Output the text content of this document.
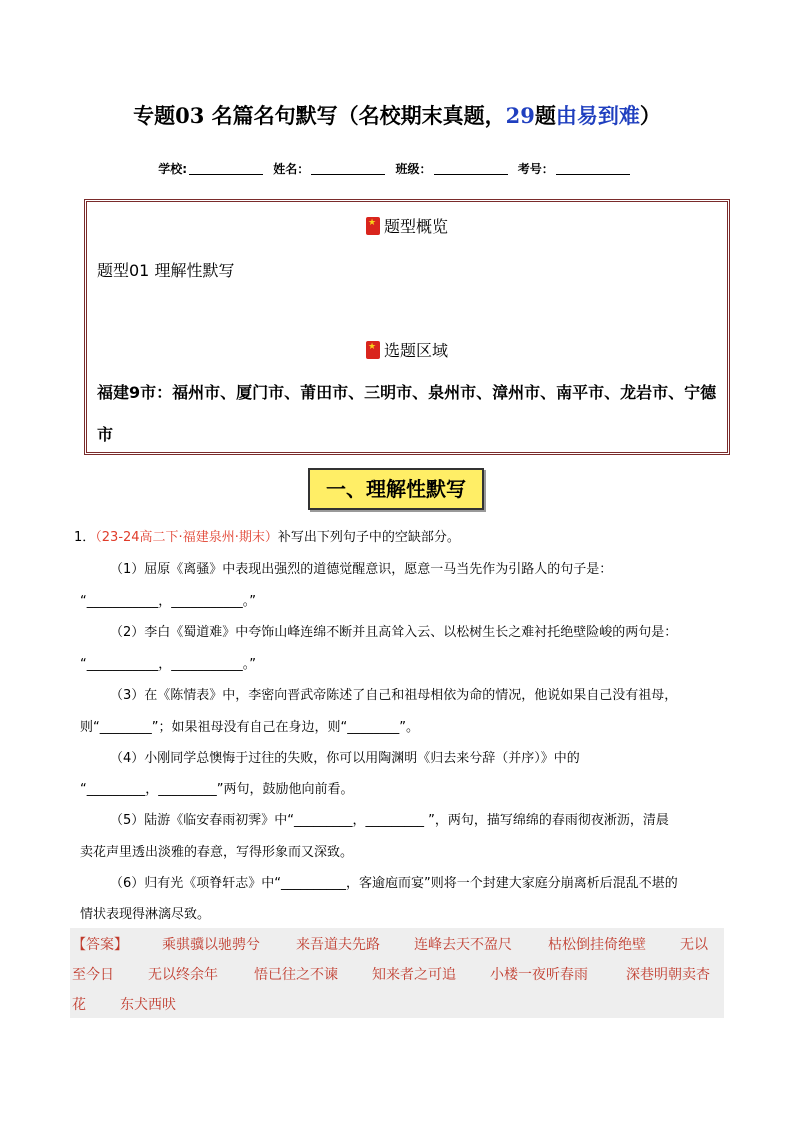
专题03 名篇名句默写（名校期末真题，29题由易到难）
学校:	姓名：	班级：	考号：
★题型概览
题型01 理解性默写
★选题区域
福建9市：福州市、厦门市、莆田市、三明市、泉州市、漳州市、南平市、龙岩市、宁德市
一、理解性默写
1．（23-24高二下·福建泉州·期末）补写出下列句子中的空缺部分。
（1）屈原《离骚》中表现出强烈的道德觉醒意识，愿意一马当先作为引路人的句子是：
“___________，___________。”
（2）李白《蜀道难》中夸饰山峰连绵不断并且高耸入云、以松树生长之难衬托绝壁险峻的两句是：
“___________，___________。”
（3）在《陈情表》中，李密向晋武帝陈述了自己和祖母相依为命的情况，他说如果自己没有祖母，
则“________”；如果祖母没有自己在身边，则“________”。
（4）小刚同学总懊悔于过往的失败，你可以用陶渊明《归去来兮辞（并序）》中的
“_________，_________”两句，鼓励他向前看。
（5）陆游《临安春雨初霁》中“_________，_________ ”，两句，描写绵绵的春雨彻夜淅沥，清晨
卖花声里透出淡雅的春意，写得形象而又深致。
（6）归有光《项脊轩志》中“__________，客逾庖而宴”则将一个封建大家庭分崩离析后混乱不堪的
情状表现得淋漓尽致。
【答案】 乘骐骥以驰骋兮	来吾道夫先路 连峰去天不盈尺	枯松倒挂倚绝壁 无以
至今日 无以终余年	悟已往之不谏 知来者之可追 小楼一夜听春雨	深巷明朝卖杏
花 东犬西吠
